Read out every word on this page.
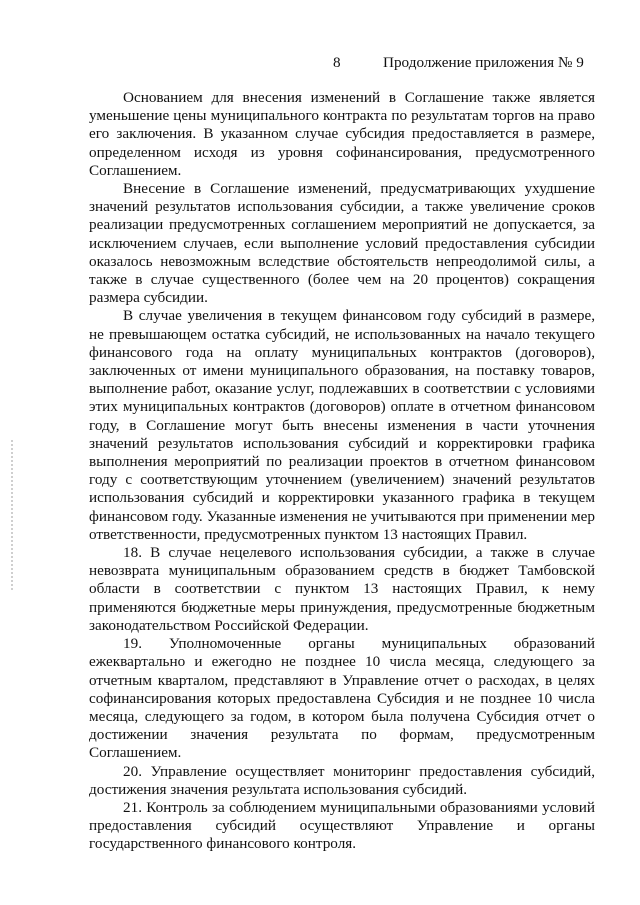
8	Продолжение приложения № 9

Основанием для внесения изменений в Соглашение также является уменьшение цены муниципального контракта по результатам торгов на право его заключения. В указанном случае субсидия предоставляется в размере, определенном исходя из уровня софинансирования, предусмотренного Соглашением.

Внесение в Соглашение изменений, предусматривающих ухудшение значений результатов использования субсидии, а также увеличение сроков реализации предусмотренных соглашением мероприятий не допускается, за исключением случаев, если выполнение условий предоставления субсидии оказалось невозможным вследствие обстоятельств непреодолимой силы, а также в случае существенного (более чем на 20 процентов) сокращения размера субсидии.

В случае увеличения в текущем финансовом году субсидий в размере, не превышающем остатка субсидий, не использованных на начало текущего финансового года на оплату муниципальных контрактов (договоров), заключенных от имени муниципального образования, на поставку товаров, выполнение работ, оказание услуг, подлежавших в соответствии с условиями этих муниципальных контрактов (договоров) оплате в отчетном финансовом году, в Соглашение могут быть внесены изменения в части уточнения значений результатов использования субсидий и корректировки графика выполнения мероприятий по реализации проектов в отчетном финансовом году с соответствующим уточнением (увеличением) значений результатов использования субсидий и корректировки указанного графика в текущем финансовом году. Указанные изменения не учитываются при применении мер ответственности, предусмотренных пунктом 13 настоящих Правил.

18. В случае нецелевого использования субсидии, а также в случае невозврата муниципальным образованием средств в бюджет Тамбовской области в соответствии с пунктом 13 настоящих Правил, к нему применяются бюджетные меры принуждения, предусмотренные бюджетным законодательством Российской Федерации.

19. Уполномоченные органы муниципальных образований ежеквартально и ежегодно не позднее 10 числа месяца, следующего за отчетным кварталом, представляют в Управление отчет о расходах, в целях софинансирования которых предоставлена Субсидия и не позднее 10 числа месяца, следующего за годом, в котором была получена Субсидия отчет о достижении значения результата по формам, предусмотренным Соглашением.

20. Управление осуществляет мониторинг предоставления субсидий, достижения значения результата использования субсидий.

21. Контроль за соблюдением муниципальными образованиями условий предоставления субсидий осуществляют Управление и органы государственного финансового контроля.
